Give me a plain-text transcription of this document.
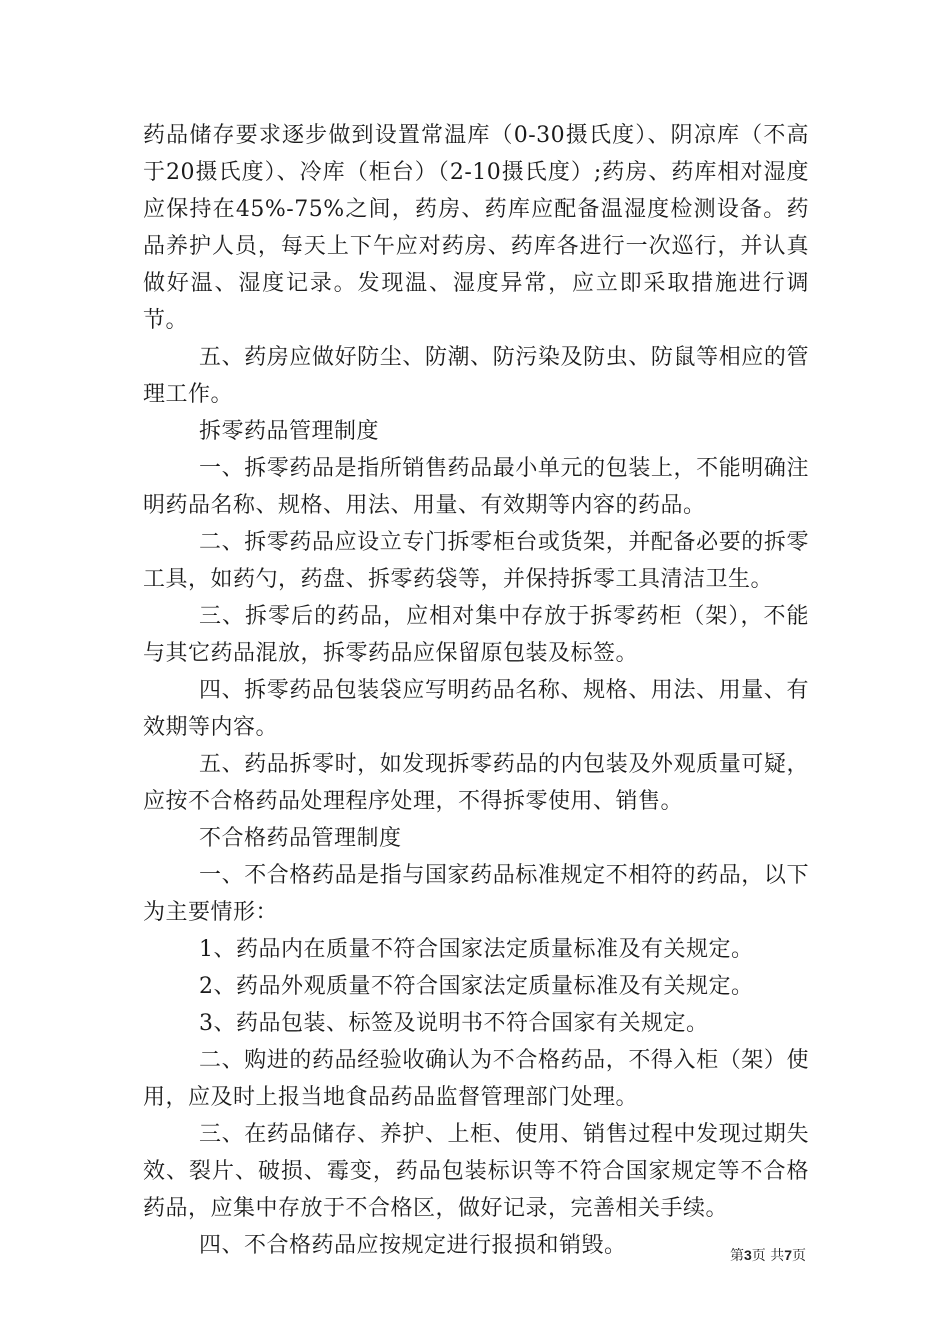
药品储存要求逐步做到设置常温库（0-30摄氏度）、阴凉库（不高于20摄氏度）、冷库（柜台）（2-10摄氏度）;药房、药库相对湿度应保持在45%-75%之间，药房、药库应配备温湿度检测设备。药品养护人员，每天上下午应对药房、药库各进行一次巡行，并认真做好温、湿度记录。发现温、湿度异常，应立即采取措施进行调节。

五、药房应做好防尘、防潮、防污染及防虫、防鼠等相应的管理工作。

拆零药品管理制度

一、拆零药品是指所销售药品最小单元的包装上，不能明确注明药品名称、规格、用法、用量、有效期等内容的药品。

二、拆零药品应设立专门拆零柜台或货架，并配备必要的拆零工具，如药勺，药盘、拆零药袋等，并保持拆零工具清洁卫生。

三、拆零后的药品，应相对集中存放于拆零药柜（架），不能与其它药品混放，拆零药品应保留原包装及标签。

四、拆零药品包装袋应写明药品名称、规格、用法、用量、有效期等内容。

五、药品拆零时，如发现拆零药品的内包装及外观质量可疑，应按不合格药品处理程序处理，不得拆零使用、销售。

不合格药品管理制度

一、不合格药品是指与国家药品标准规定不相符的药品，以下为主要情形：

1、药品内在质量不符合国家法定质量标准及有关规定。

2、药品外观质量不符合国家法定质量标准及有关规定。

3、药品包装、标签及说明书不符合国家有关规定。

二、购进的药品经验收确认为不合格药品，不得入柜（架）使用，应及时上报当地食品药品监督管理部门处理。

三、在药品储存、养护、上柜、使用、销售过程中发现过期失效、裂片、破损、霉变，药品包装标识等不符合国家规定等不合格药品，应集中存放于不合格区，做好记录，完善相关手续。

四、不合格药品应按规定进行报损和销毁。	第3页 共7页
